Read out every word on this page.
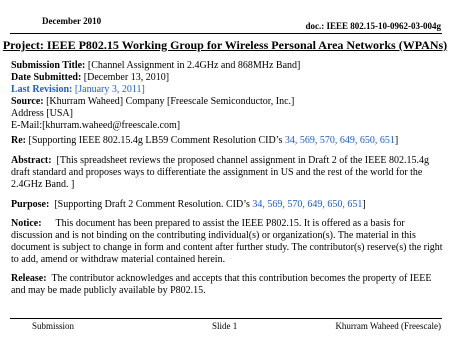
December 2010	doc.: IEEE 802.15-10-0962-03-004g
Project: IEEE P802.15 Working Group for Wireless Personal Area Networks (WPANs)
Submission Title: [Channel Assignment in 2.4GHz and 868MHz Band]
Date Submitted: [December 13, 2010]
Last Revision: [January 3, 2011]
Source: [Khurram Waheed] Company [Freescale Semiconductor, Inc.]
Address [USA]
E-Mail:[khurram.waheed@freescale.com]
Re: [Supporting IEEE 802.15.4g LB59 Comment Resolution CID’s 34, 569, 570, 649, 650, 651]
Abstract: [This spreadsheet reviews the proposed channel assignment in Draft 2 of the IEEE 802.15.4g draft standard and proposes ways to differentiate the assignment in US and the rest of the world for the 2.4GHz Band. ]
Purpose: [Supporting Draft 2 Comment Resolution. CID’s 34, 569, 570, 649, 650, 651]
Notice: This document has been prepared to assist the IEEE P802.15. It is offered as a basis for discussion and is not binding on the contributing individual(s) or organization(s). The material in this document is subject to change in form and content after further study. The contributor(s) reserve(s) the right to add, amend or withdraw material contained herein.
Release: The contributor acknowledges and accepts that this contribution becomes the property of IEEE and may be made publicly available by P802.15.
Submission	Slide 1	Khurram Waheed (Freescale)
